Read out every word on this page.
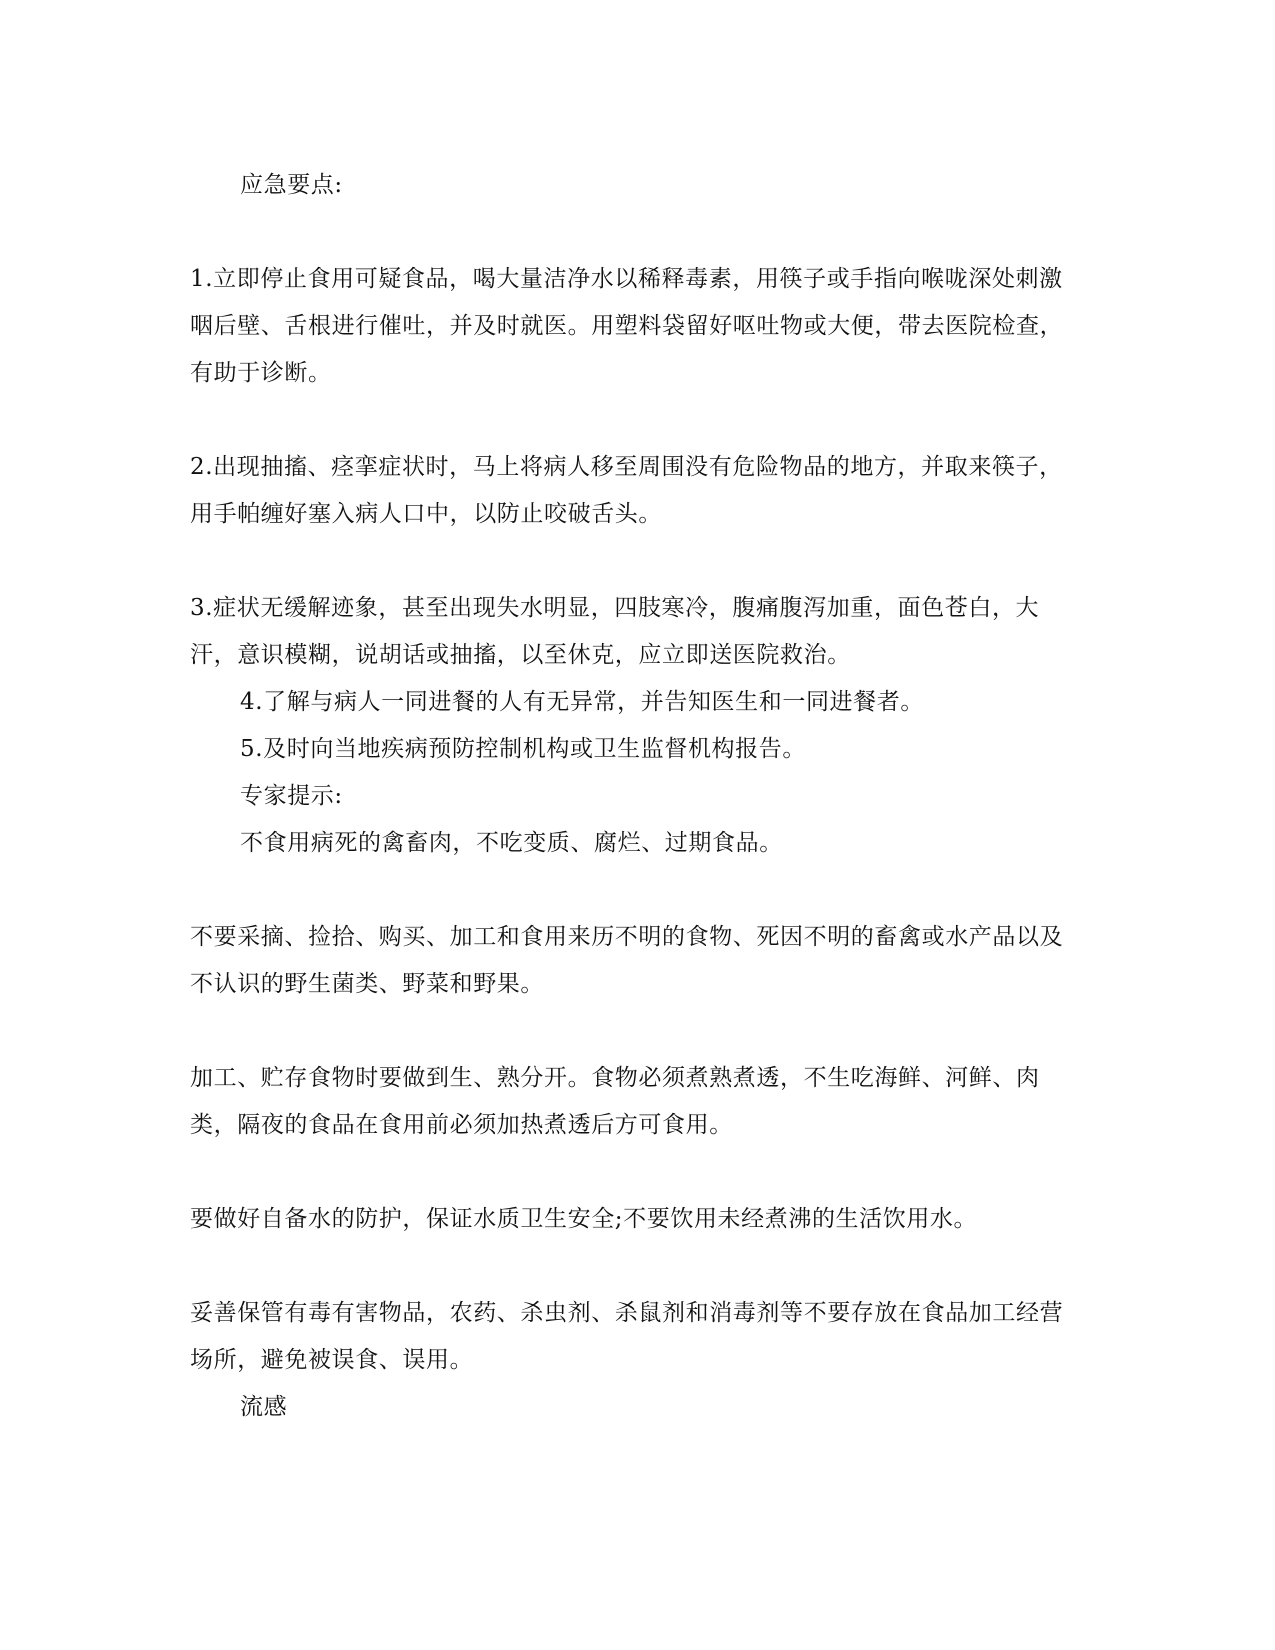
应急要点:

1.立即停止食用可疑食品，喝大量洁净水以稀释毒素，用筷子或手指向喉咙深处刺激咽后壁、舌根进行催吐，并及时就医。用塑料袋留好呕吐物或大便，带去医院检查，有助于诊断。

2.出现抽搐、痉挛症状时，马上将病人移至周围没有危险物品的地方，并取来筷子，用手帕缠好塞入病人口中，以防止咬破舌头。

3.症状无缓解迹象，甚至出现失水明显，四肢寒冷，腹痛腹泻加重，面色苍白，大汗，意识模糊，说胡话或抽搐，以至休克，应立即送医院救治。

4.了解与病人一同进餐的人有无异常，并告知医生和一同进餐者。

5.及时向当地疾病预防控制机构或卫生监督机构报告。

专家提示:

不食用病死的禽畜肉，不吃变质、腐烂、过期食品。

不要采摘、捡拾、购买、加工和食用来历不明的食物、死因不明的畜禽或水产品以及不认识的野生菌类、野菜和野果。

加工、贮存食物时要做到生、熟分开。食物必须煮熟煮透，不生吃海鲜、河鲜、肉类，隔夜的食品在食用前必须加热煮透后方可食用。

要做好自备水的防护，保证水质卫生安全;不要饮用未经煮沸的生活饮用水。

妥善保管有毒有害物品，农药、杀虫剂、杀鼠剂和消毒剂等不要存放在食品加工经营场所，避免被误食、误用。

流感
